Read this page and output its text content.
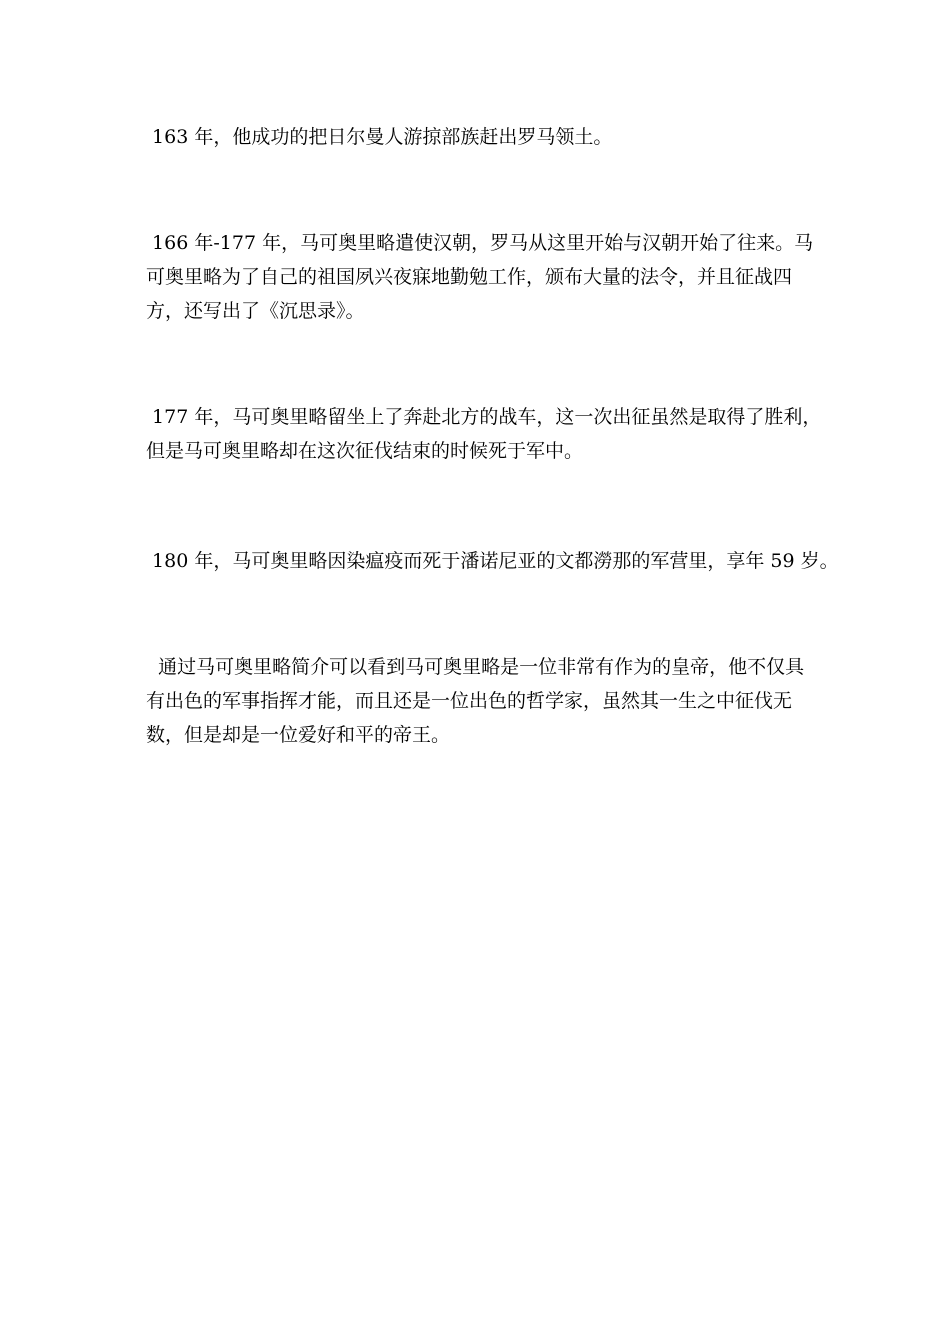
163 年，他成功的把日尔曼人游掠部族赶出罗马领土。

166 年-177 年，马可奥里略遣使汉朝，罗马从这里开始与汉朝开始了往来。马
可奥里略为了自己的祖国夙兴夜寐地勤勉工作，颁布大量的法令，并且征战四
方，还写出了《沉思录》。

177 年，马可奥里略留坐上了奔赴北方的战车，这一次出征虽然是取得了胜利，
但是马可奥里略却在这次征伐结束的时候死于军中。

180 年，马可奥里略因染瘟疫而死于潘诺尼亚的文都澇那的军营里，享年 59 岁。

通过马可奥里略简介可以看到马可奥里略是一位非常有作为的皇帝，他不仅具
有出色的军事指挥才能，而且还是一位出色的哲学家，虽然其一生之中征伐无
数，但是却是一位爱好和平的帝王。
